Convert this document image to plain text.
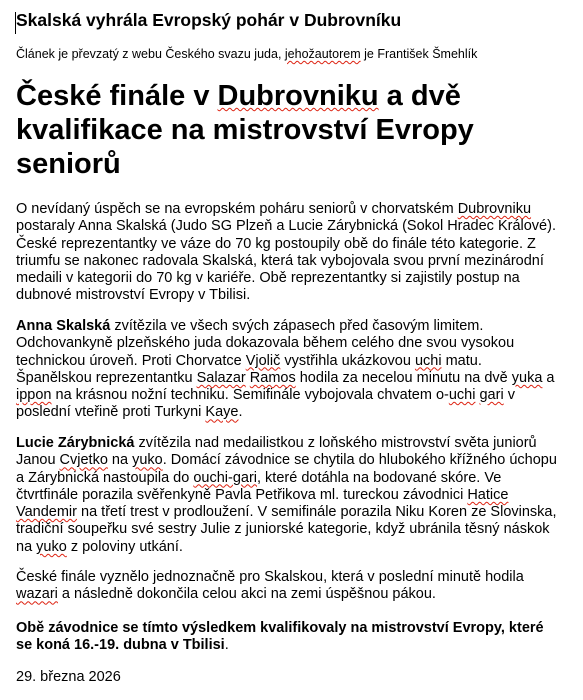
Skalská vyhrála Evropský pohár v Dubrovníku
Článek je převzatý z webu Českého svazu juda, jehožautorem je František Šmehlík
České finále v Dubrovniku a dvě kvalifikace na mistrovství Evropy seniorů
O nevídaný úspěch se na evropském poháru seniorů v chorvatském Dubrovniku postaraly Anna Skalská (Judo SG Plzeň a Lucie Zárybnická (Sokol Hradec Králové). České reprezentantky ve váze do 70 kg postoupily obě do finále této kategorie. Z triumfu se nakonec radovala Skalská, která tak vybojovala svou první mezinárodní medaili v kategorii do 70 kg v kariéře. Obě reprezentantky si zajistily postup na dubnové mistrovství Evropy v Tbilisi.
Anna Skalská zvítězila ve všech svých zápasech před časovým limitem. Odchovankyně plzeňského juda dokazovala během celého dne svou vysokou technickou úroveň. Proti Chorvatce Vjolič vystřihla ukázkovou uchi matu. Španělskou reprezentantku Salazar Ramos hodila za necelou minutu na dvě yuka a ippon na krásnou nožní techniku. Semifinále vybojovala chvatem o-uchi gari v poslední vteřině proti Turkyni Kaye.
Lucie Zárybnická zvítězila nad medailistkou z loňského mistrovství světa juniorů Janou Cvjetko na yuko. Domácí závodnice se chytila do hlubokého křížného úchopu a Zárybnická nastoupila do ouchi-gari, které dotáhla na bodované skóre. Ve čtvrtfinále porazila svěřenkyně Pavla Petřikova ml. tureckou závodnici Hatice Vandemir na třetí trest v prodloužení. V semifinále porazila Niku Koren ze Slovinska, tradiční soupeřku své sestry Julie z juniorské kategorie, když ubránila těsný náskok na yuko z poloviny utkání.
České finále vyznělo jednoznačně pro Skalskou, která v poslední minutě hodila wazari a následně dokončila celou akci na zemi úspěšnou pákou.
Obě závodnice se tímto výsledkem kvalifikovaly na mistrovství Evropy, které se koná 16.-19. dubna v Tbilisi.
29. března 2026
